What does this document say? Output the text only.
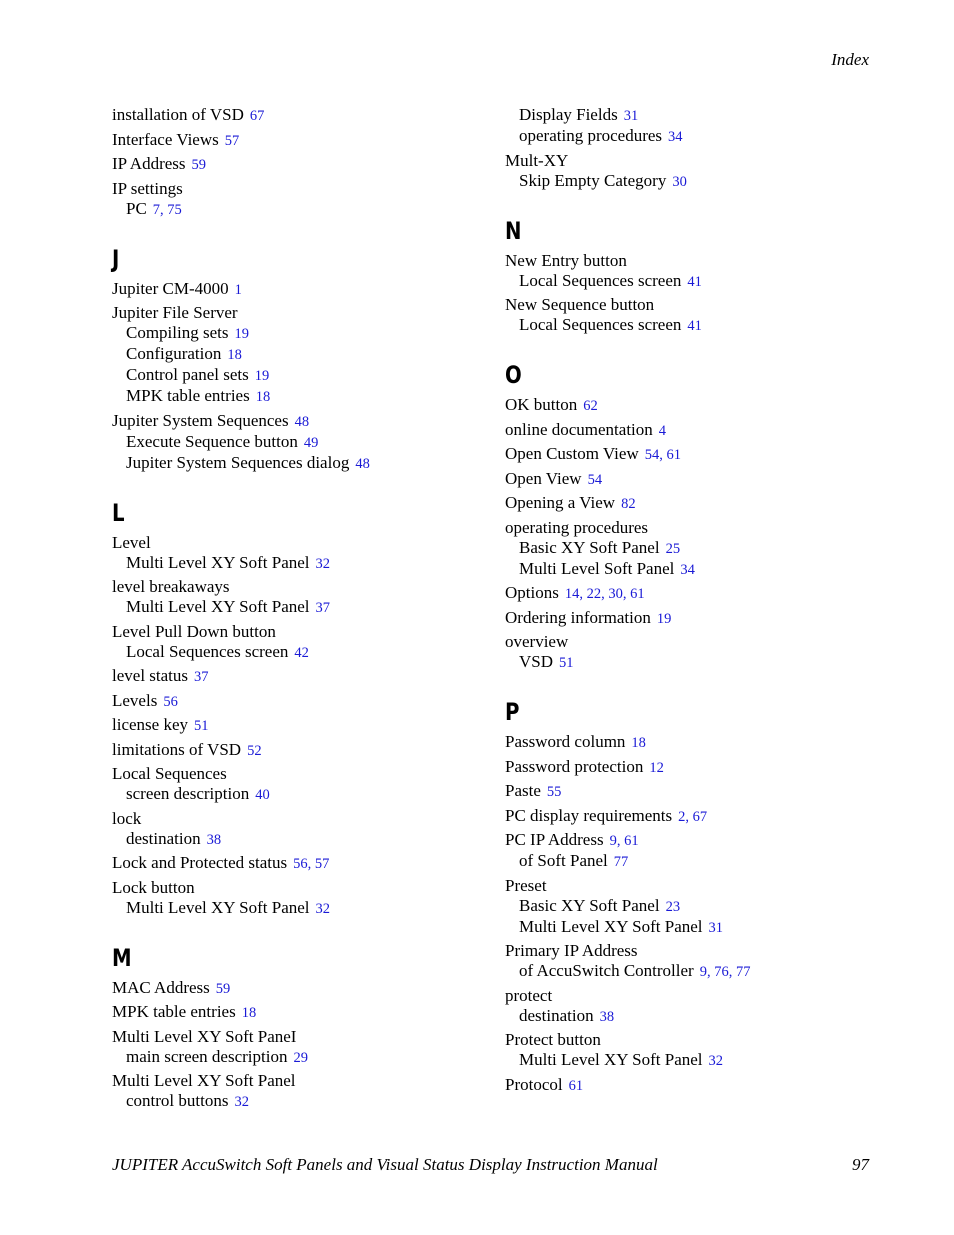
Index
installation of VSD 67
Interface Views 57
IP Address 59
IP settings
PC 7, 75
J
Jupiter CM-4000 1
Jupiter File Server
Compiling sets 19
Configuration 18
Control panel sets 19
MPK table entries 18
Jupiter System Sequences 48
Execute Sequence button 49
Jupiter System Sequences dialog 48
L
Level
Multi Level XY Soft Panel 32
level breakaways
Multi Level XY Soft Panel 37
Level Pull Down button
Local Sequences screen 42
level status 37
Levels 56
license key 51
limitations of VSD 52
Local Sequences
screen description 40
lock
destination 38
Lock and Protected status 56, 57
Lock button
Multi Level XY Soft Panel 32
M
MAC Address 59
MPK table entries 18
Multi Level XY Soft PaneI
main screen description 29
Multi Level XY Soft Panel
control buttons 32
Display Fields 31
operating procedures 34
Mult-XY
Skip Empty Category 30
N
New Entry button
Local Sequences screen 41
New Sequence button
Local Sequences screen 41
O
OK button 62
online documentation 4
Open Custom View 54, 61
Open View 54
Opening a View 82
operating procedures
Basic XY Soft Panel 25
Multi Level Soft Panel 34
Options 14, 22, 30, 61
Ordering information 19
overview
VSD 51
P
Password column 18
Password protection 12
Paste 55
PC display requirements 2, 67
PC IP Address 9, 61
of Soft Panel 77
Preset
Basic XY Soft Panel 23
Multi Level XY Soft Panel 31
Primary IP Address
of AccuSwitch Controller 9, 76, 77
protect
destination 38
Protect button
Multi Level XY Soft Panel 32
Protocol 61
JUPITER AccuSwitch Soft Panels and Visual Status Display Instruction Manual	97
